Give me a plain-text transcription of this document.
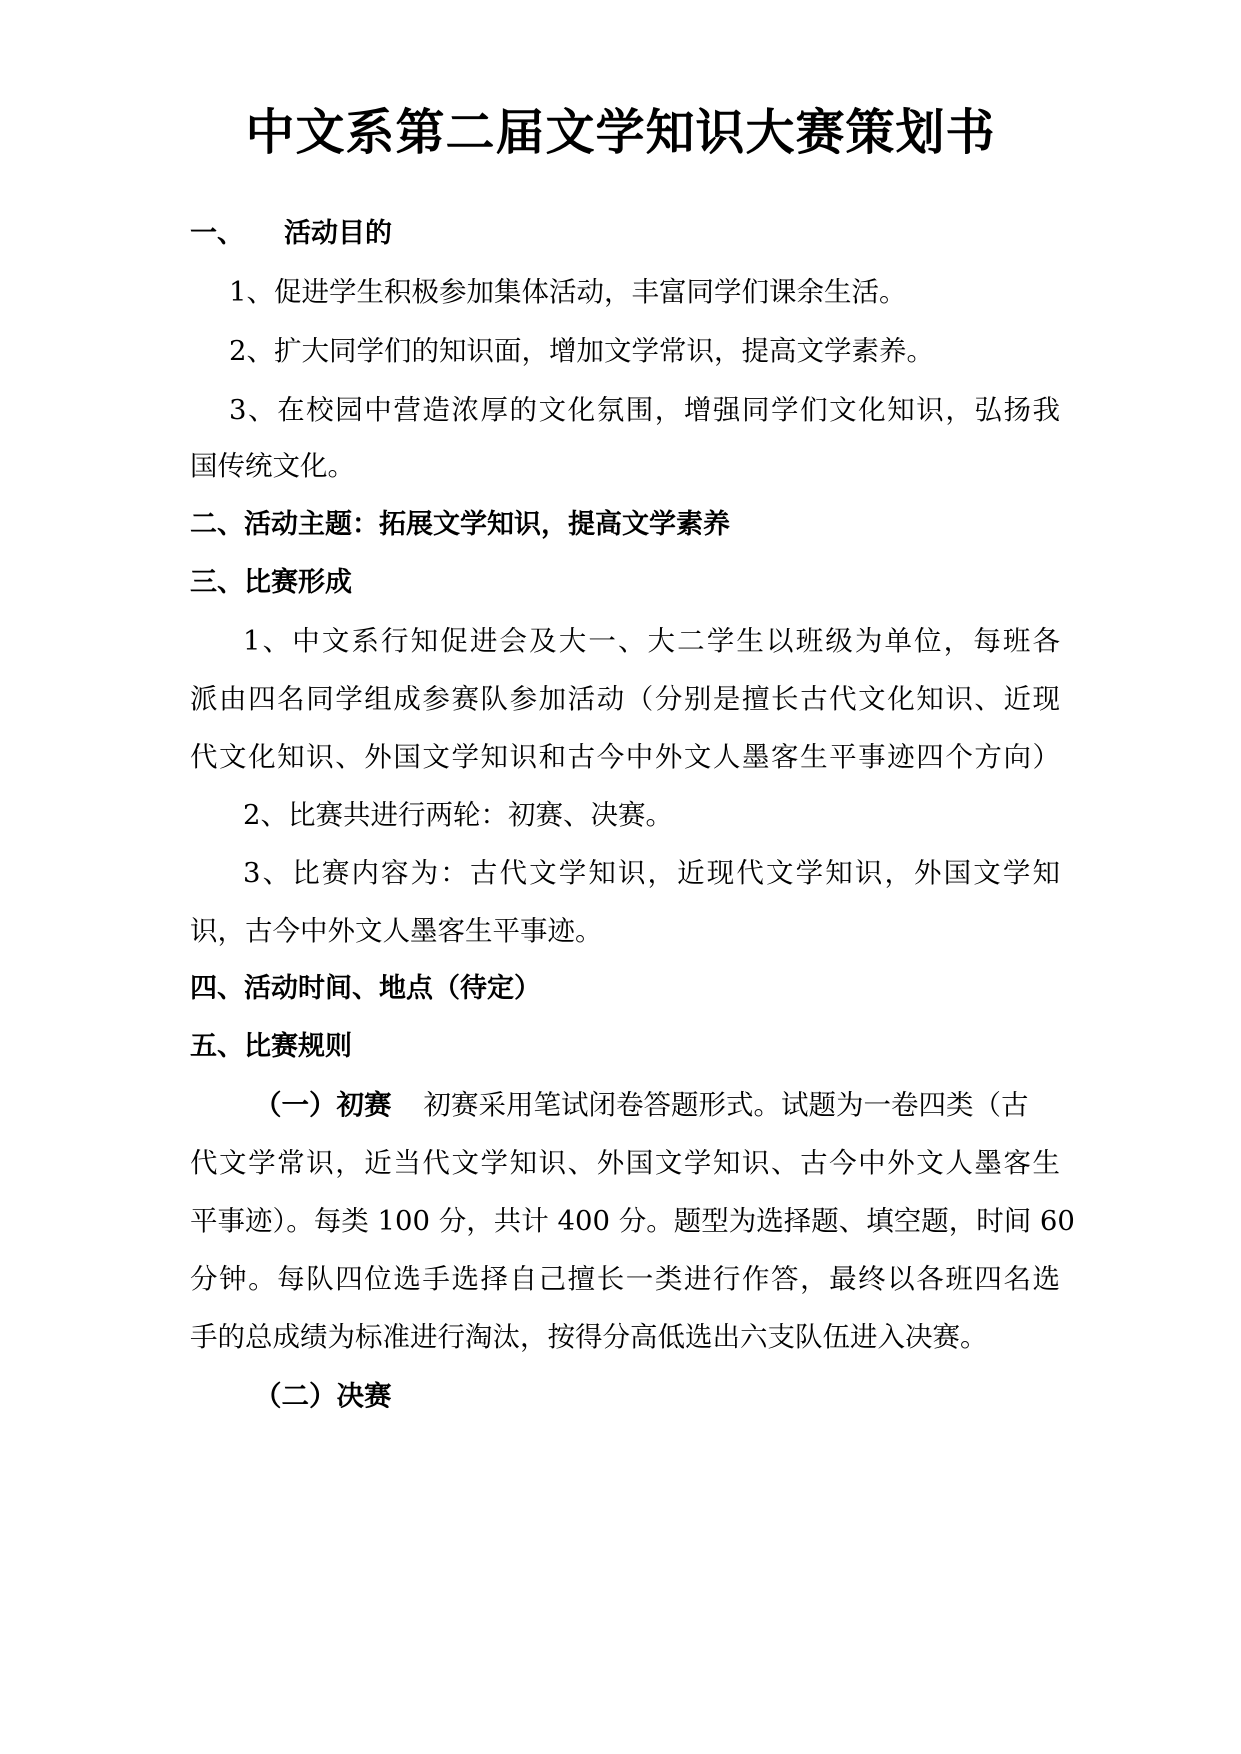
中文系第二届文学知识大赛策划书
一、 活动目的
1、促进学生积极参加集体活动，丰富同学们课余生活。
2、扩大同学们的知识面，增加文学常识，提高文学素养。
3、在校园中营造浓厚的文化氛围，增强同学们文化知识，弘扬我
国传统文化。
二、活动主题：拓展文学知识，提高文学素养
三、比赛形成
1、中文系行知促进会及大一、大二学生以班级为单位，每班各
派由四名同学组成参赛队参加活动（分别是擅长古代文化知识、近现
代文化知识、外国文学知识和古今中外文人墨客生平事迹四个方向）
2、比赛共进行两轮：初赛、决赛。
3、比赛内容为：古代文学知识，近现代文学知识，外国文学知
识，古今中外文人墨客生平事迹。
四、活动时间、地点（待定）
五、比赛规则
（一）初赛 初赛采用笔试闭卷答题形式。试题为一卷四类（古
代文学常识，近当代文学知识、外国文学知识、古今中外文人墨客生
平事迹）。每类 100 分，共计 400 分。题型为选择题、填空题，时间 60
分钟。每队四位选手选择自己擅长一类进行作答，最终以各班四名选
手的总成绩为标准进行淘汰，按得分高低选出六支队伍进入决赛。
（二）决赛
